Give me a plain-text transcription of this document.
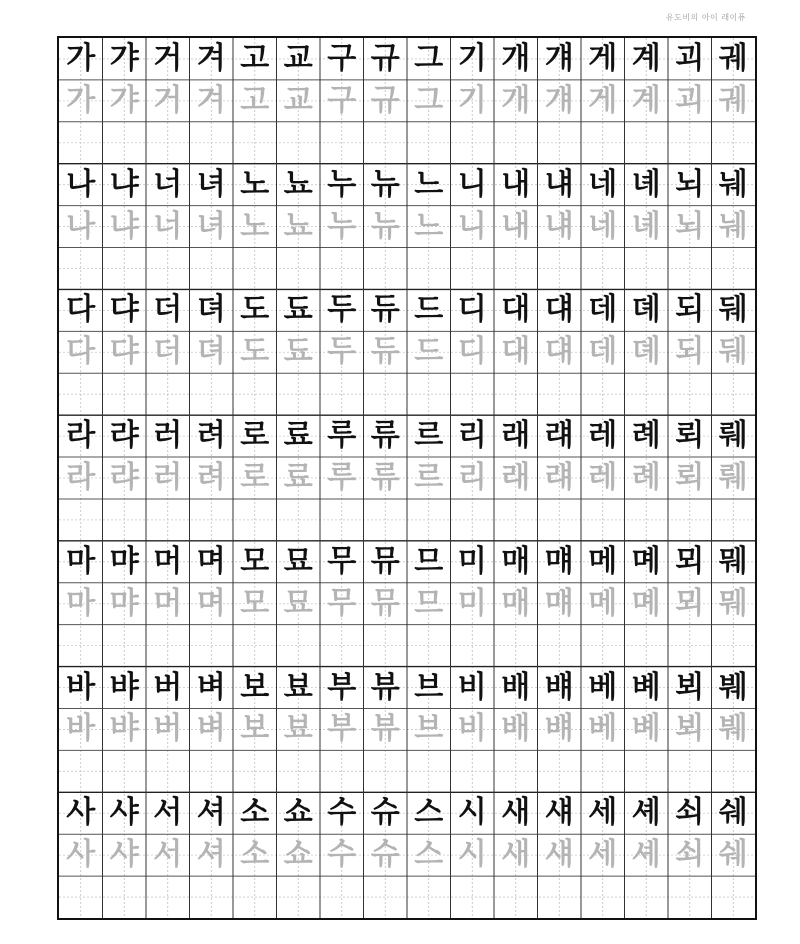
유도비의 아이 래이퓨
가
가
갸
갸
거
거
겨
겨
고
고
교
교
구
구
규
규
그
그
기
기
개
개
걔
걔
게
게
계
계
괴
괴
궤
궤
나
나
냐
냐
너
너
녀
녀
노
노
뇨
뇨
누
누
뉴
뉴
느
느
니
니
내
내
냬
냬
네
네
녜
녜
뇌
뇌
눼
눼
다
다
댜
댜
더
더
뎌
뎌
도
도
됴
됴
두
두
듀
듀
드
드
디
디
대
대
댸
댸
데
데
뎨
뎨
되
되
뒈
뒈
라
라
랴
랴
러
러
려
려
로
로
료
료
루
루
류
류
르
르
리
리
래
래
럐
럐
레
레
례
례
뢰
뢰
뤠
뤠
마
마
먀
먀
머
머
며
며
모
모
묘
묘
무
무
뮤
뮤
므
므
미
미
매
매
먜
먜
메
메
몌
몌
뫼
뫼
뭬
뭬
바
바
뱌
뱌
버
버
벼
벼
보
보
뵤
뵤
부
부
뷰
뷰
브
브
비
비
배
배
뱨
뱨
베
베
볘
볘
뵈
뵈
붸
붸
사
사
샤
샤
서
서
셔
셔
소
소
쇼
쇼
수
수
슈
슈
스
스
시
시
새
새
섀
섀
세
세
셰
셰
쇠
쇠
쉐
쉐
